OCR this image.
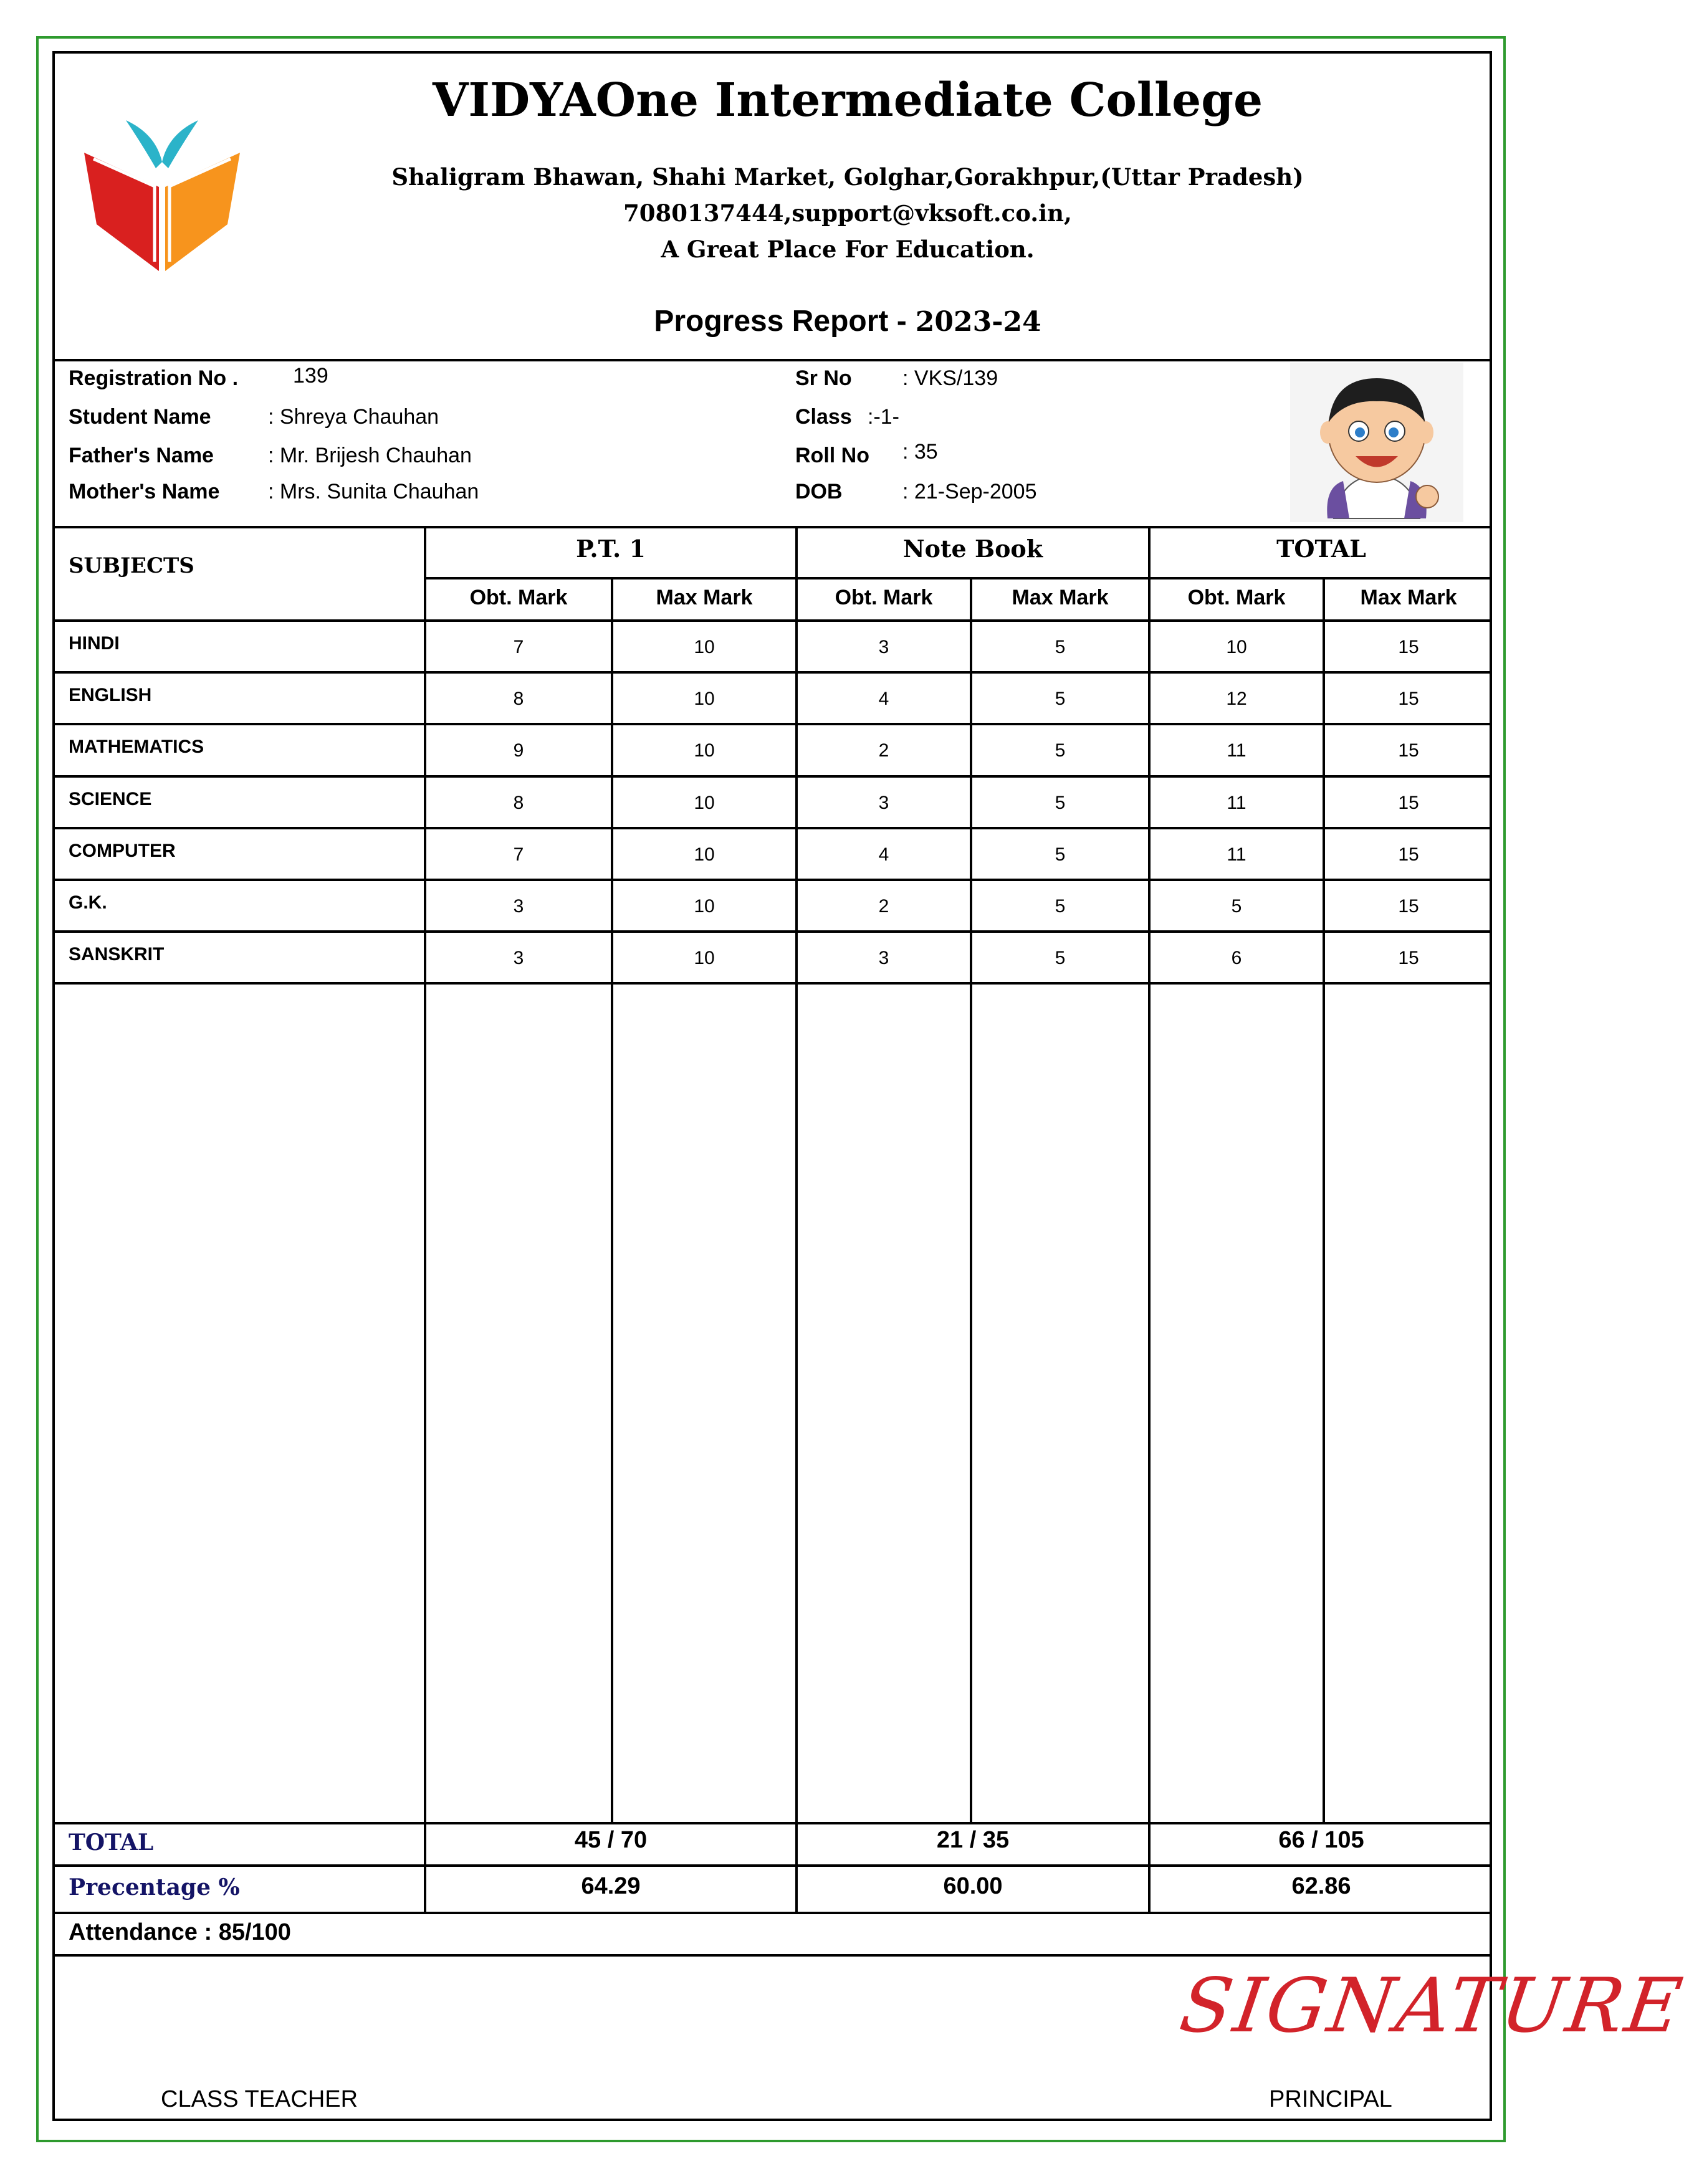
VIDYAOne Intermediate College
Shaligram Bhawan, Shahi Market, Golghar,Gorakhpur,(Uttar Pradesh)
7080137444,support@vksoft.co.in,
A Great Place For Education.
Progress Report - 2023-24
Registration No .	139
Student Name	: Shreya Chauhan
Father's Name	: Mr. Brijesh Chauhan
Mother's Name : Mrs. Sunita Chauhan
Sr No : VKS/139
Class :-1-
Roll No : 35
DOB	: 21-Sep-2005
SUBJECTS
P.T. 1	Note Book	TOTAL
Obt. Mark	Max Mark	Obt. Mark	Max Mark	Obt. Mark	Max Mark
HINDI	7	10	3	5	10	15
ENGLISH	8	10	4	5	12	15
MATHEMATICS	9	10	2	5	11	15
SCIENCE	8	10	3	5	11	15
COMPUTER	7	10	4	5	11	15
G.K.	3	10	2	5	5	15
SANSKRIT	3	10	3	5	6	15
TOTAL	45 / 70	21 / 35	66 / 105
Precentage %	64.29	60.00	62.86
Attendance : 85/100
SIGNATURE
CLASS TEACHER	PRINCIPAL
